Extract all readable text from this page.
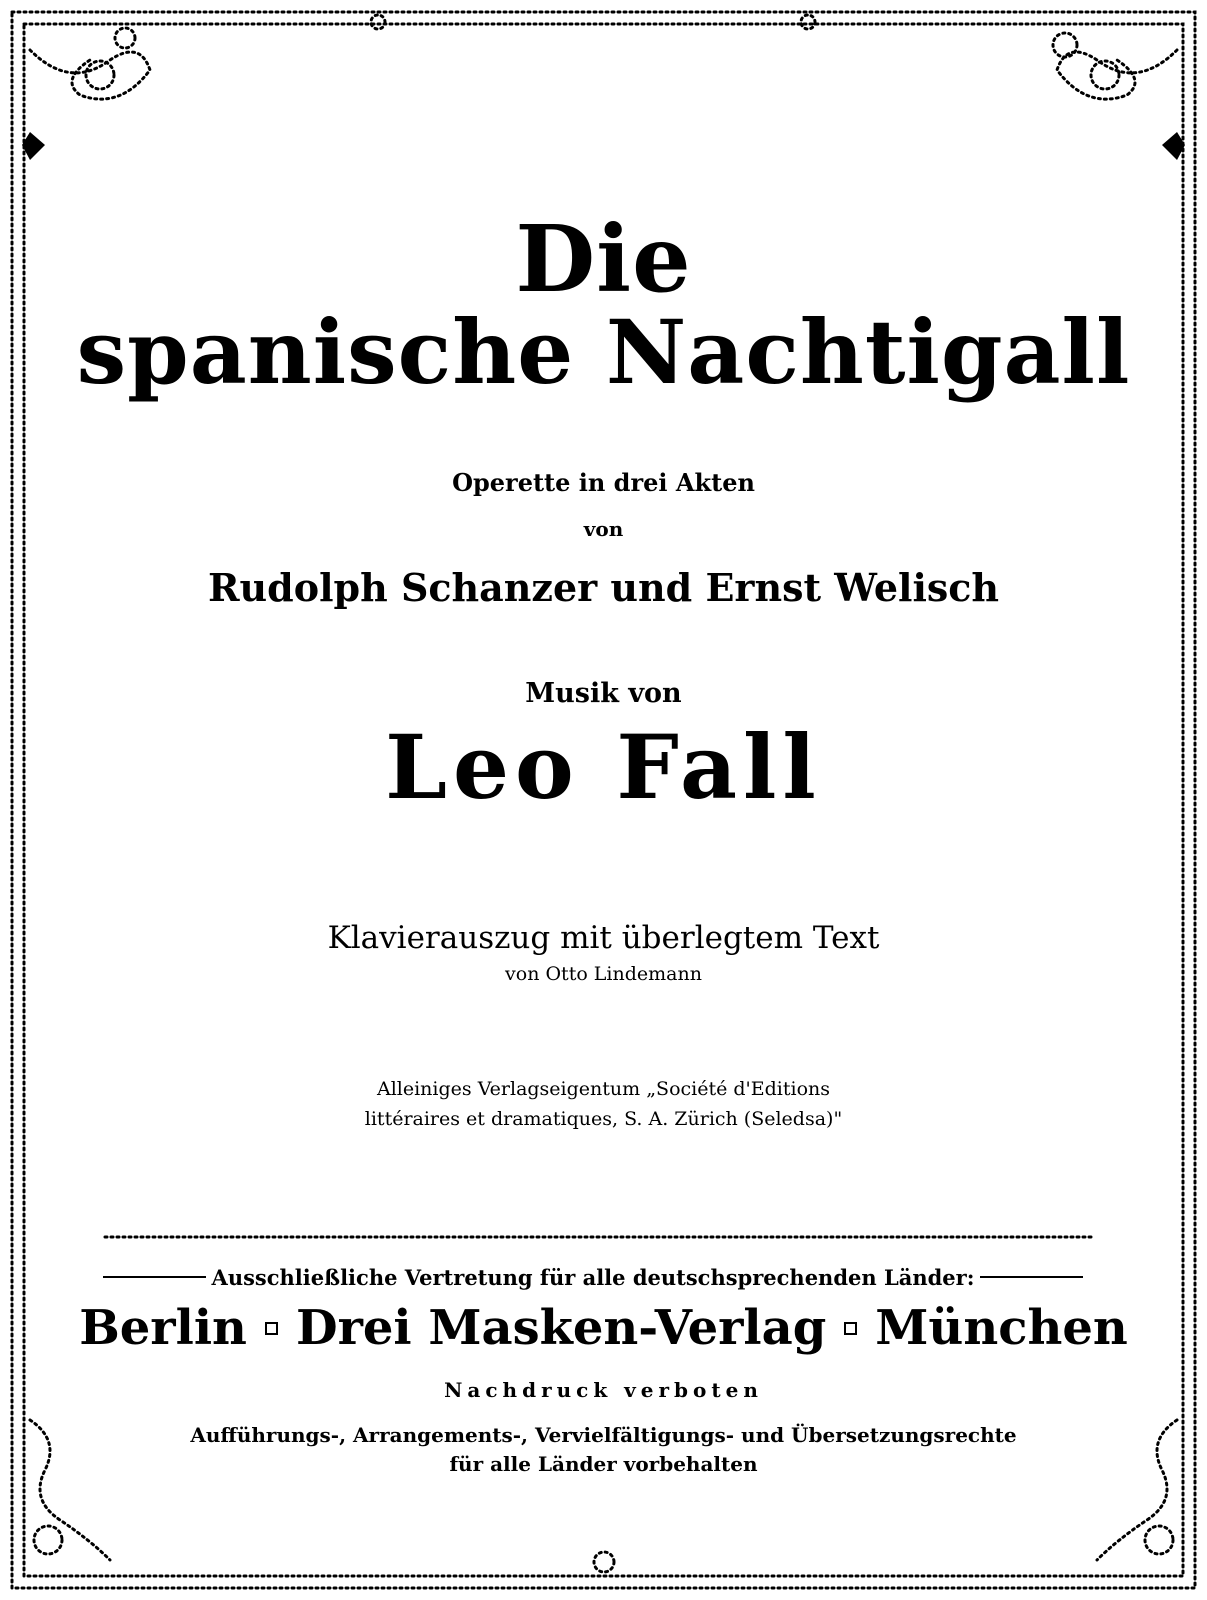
Die
spanische Nachtigall
Operette in drei Akten
von
Rudolph Schanzer und Ernst Welisch
Musik von
Leo Fall
Klavierauszug mit überlegtem Text
von Otto Lindemann
Alleiniges Verlagseigentum „Société d'Editions
littéraires et dramatiques, S. A. Zürich (Seledsa)"
Ausschließliche Vertretung für alle deutschsprechenden Länder:
Berlin Drei Masken-Verlag München
Nachdruck verboten
Aufführungs-, Arrangements-, Vervielfältigungs- und Übersetzungsrechte
für alle Länder vorbehalten
